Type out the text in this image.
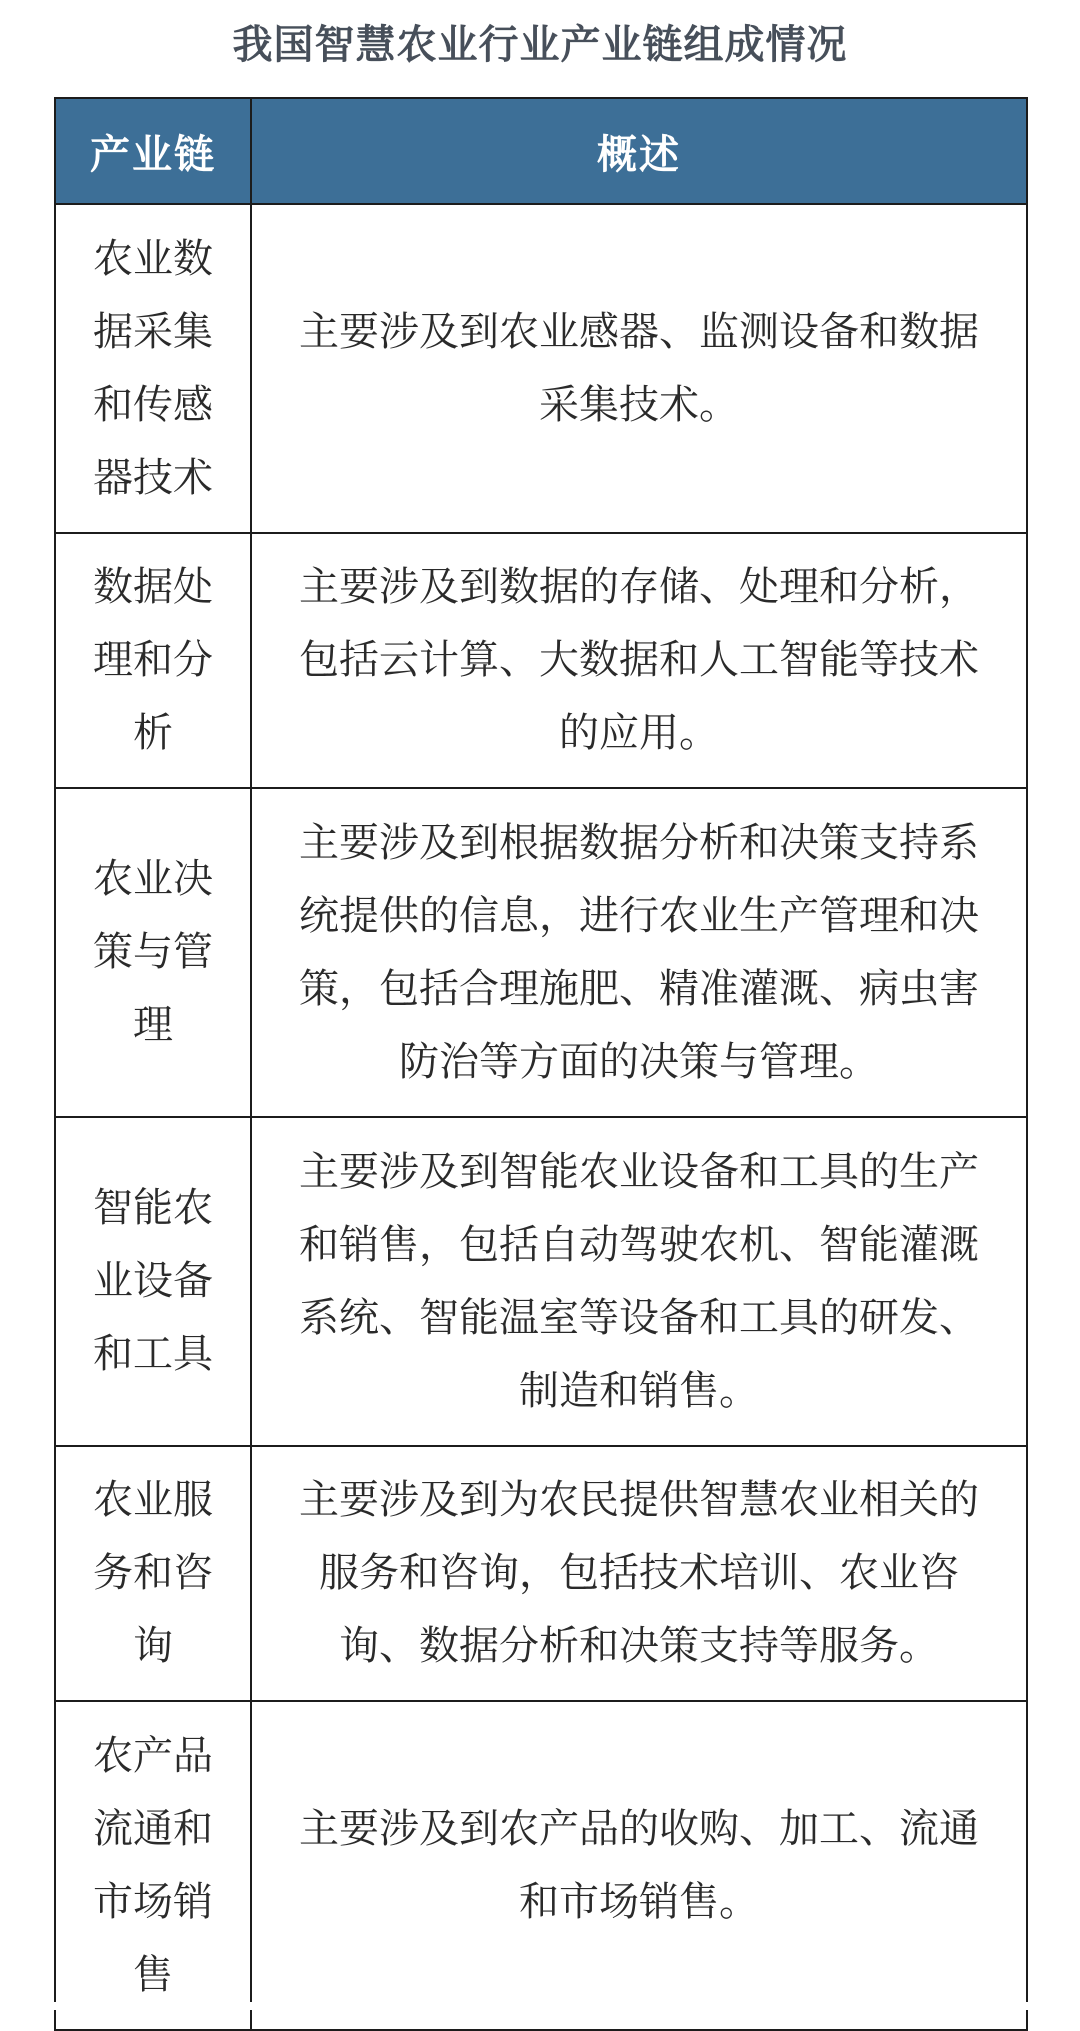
我国智慧农业行业产业链组成情况
产业链	概述

农业数据采集和传感器技术	主要涉及到农业感器、监测设备和数据采集技术。

数据处理和分析	主要涉及到数据的存储、处理和分析，包括云计算、大数据和人工智能等技术的应用。

农业决策与管理	主要涉及到根据数据分析和决策支持系统提供的信息，进行农业生产管理和决策，包括合理施肥、精准灌溉、病虫害防治等方面的决策与管理。

智能农业设备和工具	主要涉及到智能农业设备和工具的生产和销售，包括自动驾驶农机、智能灌溉系统、智能温室等设备和工具的研发、制造和销售。

农业服务和咨询	主要涉及到为农民提供智慧农业相关的服务和咨询，包括技术培训、农业咨询、数据分析和决策支持等服务。

农产品流通和市场销售	主要涉及到农产品的收购、加工、流通和市场销售。
